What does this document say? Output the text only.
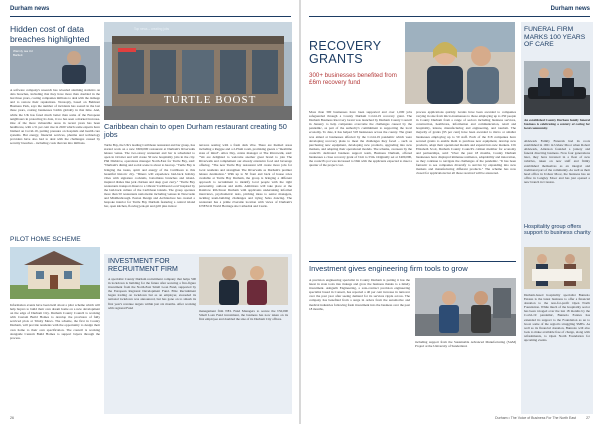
Durham news
Hidden cost of data breaches highlighted
Warmly tea Ud
Bartlett
A software company's research has revealed alarming statistics on data breaches, including that they have more than doubled in the last three years, costing companies millions to deal with the damage and to restore their reputations. Nonsoply, based on Belmont Business Park, says the number of incidents has soared in the last three years, costing businesses £4.6m globally in that time. And, while the UK has fared much better than some of the European neighbours in protecting its data, it too has seen a marked increase. One of the more vulnerable areas in recent years has been healthcare, with a 51 per cent rise in 2020 which some experts have blamed on Covid-19, putting pressure on hospitals and health care systems. But energy, financial services, pharma and technology providers have also had to deal with the challenges caused by security breaches – including costs that run into millions.
PILOT HOME SCHEME
Information events have been held about a pilot scheme which will help buyers to build their own dream home on a new development on the edge of Durham City. Durham County Council is working with Custom Build Homes to develop the provision of fully serviced plots at Trinity Mews. The scheme, the first in County Durham, will provide residents with the opportunity to design their own home to their own specification. The council is working alongside Custom Build Homes to support buyers through the process.
Top news – creating jobs
TURTLE BOOST
Caribbean chain to open Durham restaurant creating 50 jobs
Turtle Bay, the UK's leading Caribbean restaurant and bar group, has started work on a new £600,000 restaurant at Durham's Riverwalk leisure venue. The two-storey restaurant and bar is scheduled to open in October and will create 50 new hospitality jobs in the city. Phil Dishlove, operations manager North-East for Turtle Bay, said: "Durham's dining and social scene is about to heat up. "Turtle Bay is bringing the tastes, spirit and energy of the Caribbean to this beautiful historic city. "Diners will experience laid-back holiday vibes with signature cocktails, bottomless brunches and island-inspired dishes like jerk chicken and deep goat curry." "Turtle Bay restaurants transport diners to a vibrant 'Caribbean Local' inspired by the laid-back culture of the Caribbean islands. The group operates more than 50 restaurants nationwide including venues in Newcastle and Middlesbrough. Peaton Design and Architecture has created a bespoke interior for Turtle Bay Durham featuring a central island bar, open kitchen, flowing jerk-pit and grill plus indoor
terraces seating with a fresh dark vibe. There are themed areas including a Reggae and a 2-Plum room, promising guests a "mealtime state of mind". Alice Day, centre manager at The Riverwalk, said: "We are delighted to welcome another great brand to join The Riverwalk and complement our already extensive food and beverage offering. "The new Turtle Bay restaurant will create more jobs for local residents and strengthen The Riverwalk as Durham's premier leisure destination." With up to 50 front and back of house roles available at Turtle Bay Durham, the group is bringing a different approach to recruitment to identify local people with the right personality, outlook and skills. Ambitions will take place at the Rainbow Rib-Street Durham with applicants undertaking informal interviews, psychometric tests, pitching ideas to senior managers, tackling team-building challenges and trying Salsa dancing. The restaurant has a prime riverside location with views of Durham's UNESCO World Heritage site Cathedral and Castle.
INVESTMENT FOR RECRUITMENT FIRM
A specialist County Durham recruitment company that helps 500 in lockdown is building for the future after securing a five-figure investment from the North-East Small Loan Fund, supported by the European Regional Development Fund. Elite Recruitment began trading on lockdown but as an employer, exceeded its national lockdown was announced, but has gone on to smash its first year's revenue targets within just six months. After working with regional Fund
management firm NEL Fund Managers to secure the £50,000 Small Loan Fund investment, the business has now taken on its first employee and doubled the size of its Durham City offices.
26
Durham news
RECOVERY GRANTS
300+ businesses benefited from £6m recovery fund
More than 300 businesses have been supported and over 1,000 jobs safeguarded through a County Durham Covid-19 recovery grant. The Durham Business Recovery Grant was launched by Durham County Council in January to help companies overcome the challenges caused by the pandemic, as part of the authority's commitment to supporting the local economy. To date, it has helped 318 businesses across the county. The grant was aimed at businesses affected by the Covid-19 pandemic which were developing recovery plans to meet the challenges they faced – such as purchasing new equipment, developing new products, upgrading into new markets, and adapting their operational models. The scheme, overseen by the council's dedicated business support team, Business Durham, offered businesses a close recovery grant of £1m to £5m. Originally set at £400,000, the council's pot was increased to £6m with the applicants expected to meet a quarter of the project cost.
process applications quickly. Grants have been awarded to companies varying in size from micro-businesses to those employing up to 250 people in County Durham from a range of sectors including business services, construction, healthcare, information and communication, retail and hospitality, leisure, manufacturing and engineering, and tourism. The majority of grants (95 per cent) have been awarded to micro or smaller businesses employing up to 50 staff. Each of the 318 companies have secured grants to enable them to purchase new equipment, develop new products, adapt their operational models and expand into new markets. Cllr Elizabeth Scott, Durham County Council's cabinet member for economy and partnerships, said: "Over the past 18 months, County Durham businesses have displayed immense resilience, adaptability and innovation, as they continue to navigate the challenges of the pandemic. "It has been fantastic to see companies diversify to survive by expanding into new markets and manufacturing different products." The scheme has now closed for applications but all those received will be answered.
Investment gives engineering firm tools to grow
A precision engineering specialist in County Durham is putting it has the latest in state tools into tinkage and grow the business thanks to a timely investment. Ashgarth Engineering, a sole-contract precision engineering specialist based in Consett, has reported a 40 per cent increase in turnover over the past year after seeing demand for its services ripple across. The company has benefited from a surge in orders from the automotive and medical industries following fresh investment into the business over the past 18 months,
including support from the Sustainable Advanced Manufacturing (SAM) Project at the University of Sunderland.
FUNERAL FIRM MARKS 100 YEARS OF CARE
An established County Durham family funeral business is celebrating a century of caring for local community.
Aldewark Family Funerals had its roots established in 1921 in Ushaw Moor when Robert Aldewark, Alderson founded a joinery and funeral directing business. Now four generations later, they have invested in a fleet of new vehicles, taken on new staff and firmly established themselves as an integral and traditional part of the community. As well as their head office in Ushaw Moor, the business has an office in Langley Moor and has just opened a new branch in Cruston.
Hospitality group offers support to business charity
Durham-based hospitality specialist Bunnolo Estates is the latest business to offer a financial donation to the non-for-profit Open North Foundation. While much of the hospitality sector has been ravaged over the last 18 months by the Covid-19 pandemic, Bunnolo Estates has extended its support to the Foundation as an to boost some of the region's struggling SMEs. As well as its financial donation, Bunnolo will also look to make available free of charge, along with refreshments, to Open North Foundation for upcoming events.
Durham • The Voice of Business For The North East	27
